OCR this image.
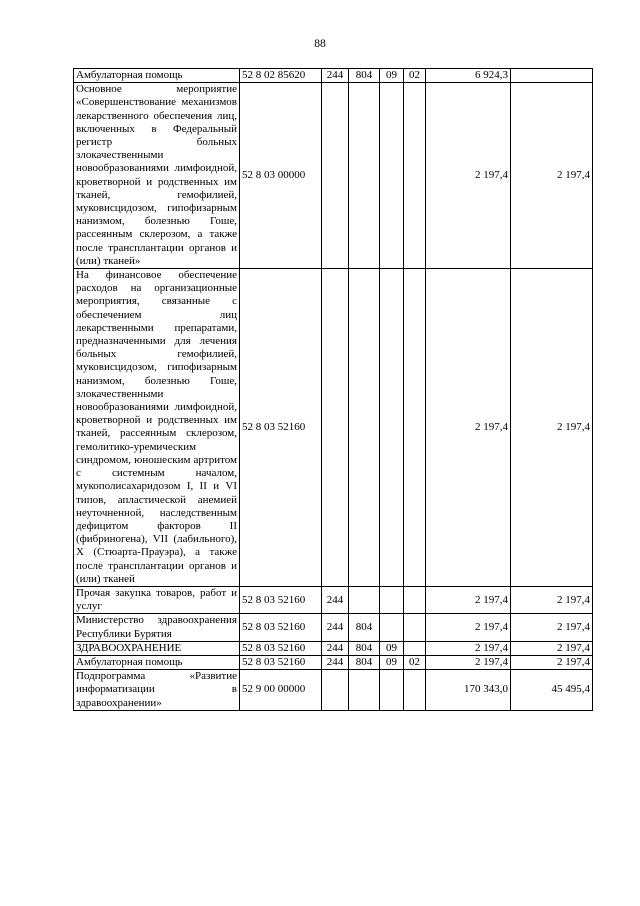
88
Амбулаторная помощь	52 8 02 85620	244	804	09	02	6 924,3	
Основное мероприятие «Совершенствование механизмов лекарственного обеспечения лиц, включенных в Федеральный регистр больных злокачественными новообразованиями лимфоидной, кроветворной и родственных им тканей, гемофилией, муковисцидозом, гипофизарным нанизмом, болезнью Гоше, рассеянным склерозом, а также после трансплантации органов и (или) тканей»	52 8 03 00000					2 197,4	2 197,4
На финансовое обеспечение расходов на организационные мероприятия, связанные с обеспечением лиц лекарственными препаратами, предназначенными для лечения больных гемофилией, муковисцидозом, гипофизарным нанизмом, болезнью Гоше, злокачественными новообразованиями лимфоидной, кроветворной и родственных им тканей, рассеянным склерозом, гемолитико-уремическим синдромом, юношеским артритом с системным началом, мукополисахаридозом I, II и VI типов, апластической анемией неуточненной, наследственным дефицитом факторов II (фибриногена), VII (лабильного), X (Стюарта-Прауэра), а также после трансплантации органов и (или) тканей	52 8 03 52160					2 197,4	2 197,4
Прочая закупка товаров, работ и услуг	52 8 03 52160	244				2 197,4	2 197,4
Министерство здравоохранения Республики Бурятия	52 8 03 52160	244	804			2 197,4	2 197,4
ЗДРАВООХРАНЕНИЕ	52 8 03 52160	244	804	09		2 197,4	2 197,4
Амбулаторная помощь	52 8 03 52160	244	804	09	02	2 197,4	2 197,4
Подпрограмма «Развитие информатизации в здравоохранении»	52 9 00 00000					170 343,0	45 495,4
